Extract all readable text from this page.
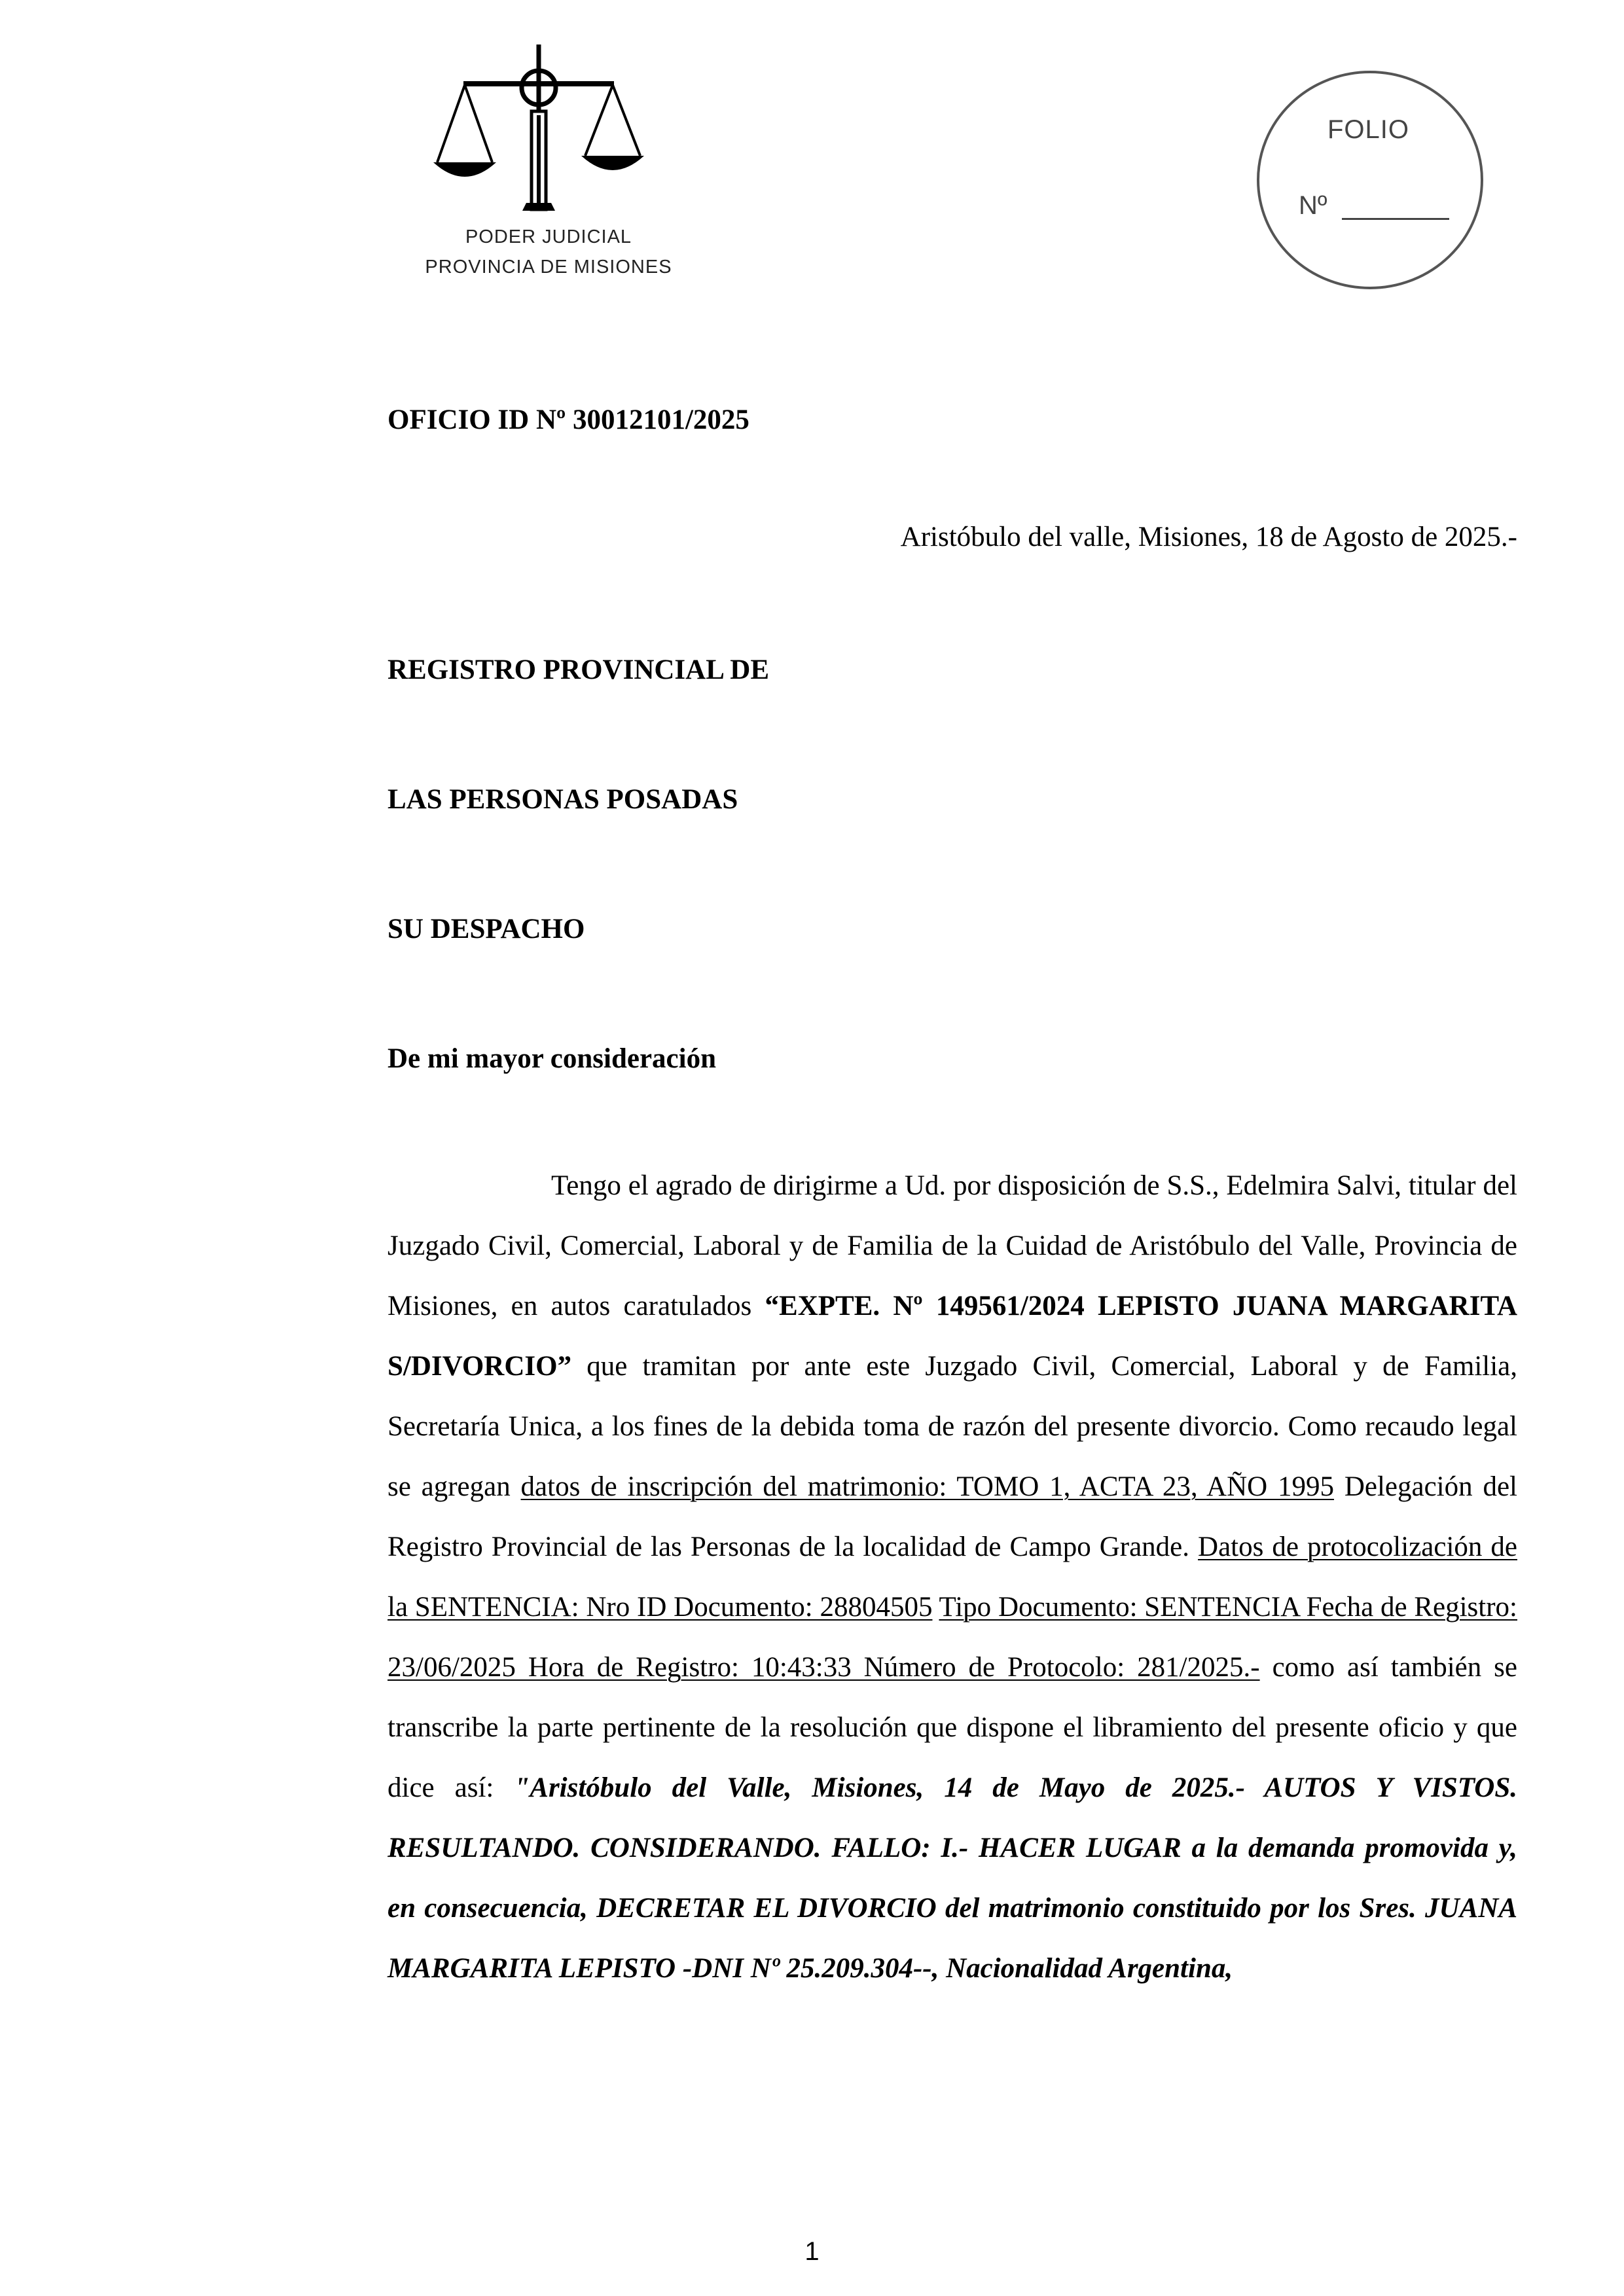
PODER JUDICIAL
PROVINCIA DE MISIONES
FOLIO
Nº
OFICIO ID Nº 30012101/2025
Aristóbulo del valle, Misiones, 18 de Agosto de 2025.-
REGISTRO PROVINCIAL DE
LAS PERSONAS POSADAS
SU DESPACHO
De mi mayor consideración
Tengo el agrado de dirigirme a Ud. por disposición de S.S., Edelmira Salvi, titular del Juzgado Civil, Comercial, Laboral y de Familia de la Cuidad de Aristóbulo del Valle, Provincia de Misiones, en autos caratulados “EXPTE. Nº 149561/2024 LEPISTO JUANA MARGARITA S/DIVORCIO” que tramitan por ante este Juzgado Civil, Comercial, Laboral y de Familia, Secretaría Unica, a los fines de la debida toma de razón del presente divorcio. Como recaudo legal se agregan datos de inscripción del matrimonio: TOMO 1, ACTA 23, AÑO 1995 Delegación del Registro Provincial de las Personas de la localidad de Campo Grande. Datos de protocolización de la SENTENCIA: Nro ID Documento: 28804505 Tipo Documento: SENTENCIA Fecha de Registro: 23/06/2025 Hora de Registro: 10:43:33 Número de Protocolo: 281/2025.- como así también se transcribe la parte pertinente de la resolución que dispone el libramiento del presente oficio y que dice así: "Aristóbulo del Valle, Misiones, 14 de Mayo de 2025.- AUTOS Y VISTOS. RESULTANDO. CONSIDERANDO. FALLO: I.- HACER LUGAR a la demanda promovida y, en consecuencia, DECRETAR EL DIVORCIO del matrimonio constituido por los Sres. JUANA MARGARITA LEPISTO -DNI Nº 25.209.304--, Nacionalidad Argentina,
1
